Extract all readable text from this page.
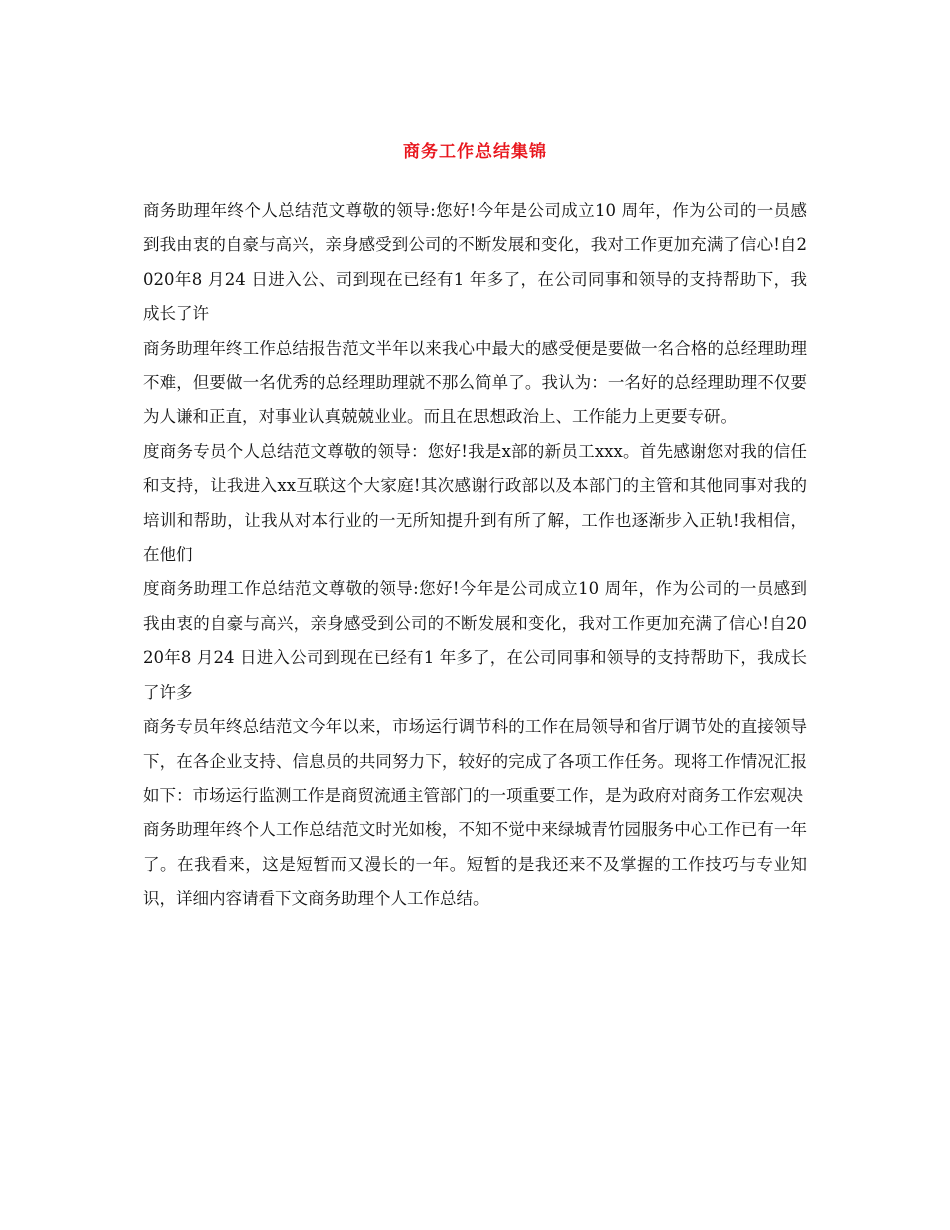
商务工作总结集锦

商务助理年终个人总结范文尊敬的领导:您好!今年是公司成立10 周年，作为公司的一员感到我由衷的自豪与高兴，亲身感受到公司的不断发展和变化，我对工作更加充满了信心!自2020年8 月24 日进入公、司到现在已经有1 年多了，在公司同事和领导的支持帮助下，我成长了许

商务助理年终工作总结报告范文半年以来我心中最大的感受便是要做一名合格的总经理助理不难，但要做一名优秀的总经理助理就不那么简单了。我认为：一名好的总经理助理不仅要为人谦和正直，对事业认真兢兢业业。而且在思想政治上、工作能力上更要专研。

度商务专员个人总结范文尊敬的领导：您好!我是x部的新员工xxx。首先感谢您对我的信任和支持，让我进入xx互联这个大家庭!其次感谢行政部以及本部门的主管和其他同事对我的培训和帮助，让我从对本行业的一无所知提升到有所了解，工作也逐渐步入正轨!我相信，在他们

度商务助理工作总结范文尊敬的领导:您好!今年是公司成立10 周年，作为公司的一员感到我由衷的自豪与高兴，亲身感受到公司的不断发展和变化，我对工作更加充满了信心!自2020年8 月24 日进入公司到现在已经有1 年多了，在公司同事和领导的支持帮助下，我成长了许多

商务专员年终总结范文今年以来，市场运行调节科的工作在局领导和省厅调节处的直接领导下，在各企业支持、信息员的共同努力下，较好的完成了各项工作任务。现将工作情况汇报如下：市场运行监测工作是商贸流通主管部门的一项重要工作，是为政府对商务工作宏观决

商务助理年终个人工作总结范文时光如梭，不知不觉中来绿城青竹园服务中心工作已有一年了。在我看来，这是短暂而又漫长的一年。短暂的是我还来不及掌握的工作技巧与专业知识，详细内容请看下文商务助理个人工作总结。
